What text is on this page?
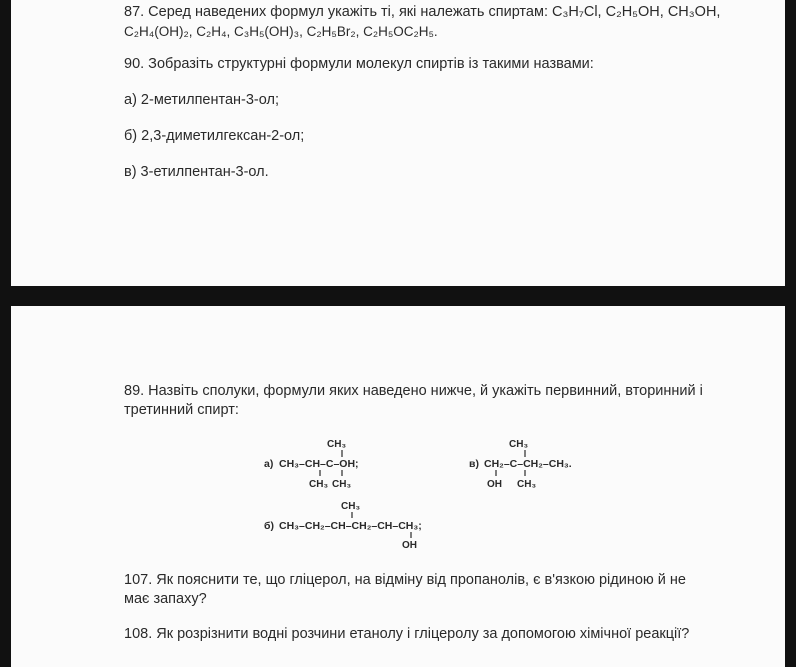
87. Серед наведених формул укажіть ті, які належать спиртам: C₃H₇Cl, C₂H₅OH, CH₃OH,
C₂H₄(OH)₂, C₂H₄, C₃H₅(OH)₃, C₂H₅Br₂, C₂H₅OC₂H₅.
90. Зобразіть структурні формули молекул спиртів із такими назвами:
а) 2-метилпентан-3-ол;
б) 2,3-диметилгексан-2-ол;
в) 3-етилпентан-3-ол.
89. Назвіть сполуки, формули яких наведено нижче, й укажіть первинний, вторинний і
третинний спирт:
CH₃
а) CH₃–CH–C–OH;
CH₃ CH₃
CH₃
в) CH₂–C–CH₂–CH₃.
OH CH₃
CH₃
б) CH₃–CH₂–CH–CH₂–CH–CH₃;
OH
107. Як пояснити те, що гліцерол, на відміну від пропанолів, є в'язкою рідиною й не
має запаху?
108. Як розрізнити водні розчини етанолу і гліцеролу за допомогою хімічної реакції?
